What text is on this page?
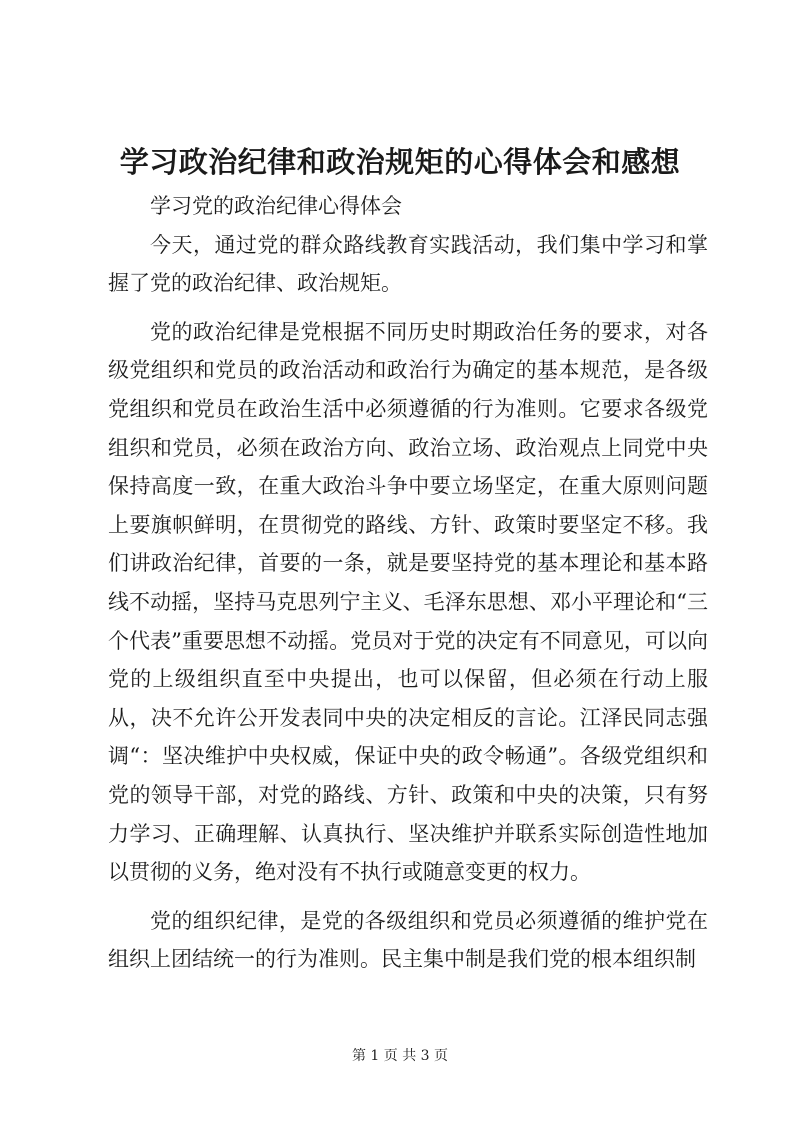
学习政治纪律和政治规矩的心得体会和感想

学习党的政治纪律心得体会

今天，通过党的群众路线教育实践活动，我们集中学习和掌握了党的政治纪律、政治规矩。

党的政治纪律是党根据不同历史时期政治任务的要求，对各级党组织和党员的政治活动和政治行为确定的基本规范，是各级党组织和党员在政治生活中必须遵循的行为准则。它要求各级党组织和党员，必须在政治方向、政治立场、政治观点上同党中央保持高度一致，在重大政治斗争中要立场坚定，在重大原则问题上要旗帜鲜明，在贯彻党的路线、方针、政策时要坚定不移。我们讲政治纪律，首要的一条，就是要坚持党的基本理论和基本路线不动摇，坚持马克思列宁主义、毛泽东思想、邓小平理论和“三个代表”重要思想不动摇。党员对于党的决定有不同意见，可以向党的上级组织直至中央提出，也可以保留，但必须在行动上服从，决不允许公开发表同中央的决定相反的言论。江泽民同志强调“：坚决维护中央权威，保证中央的政令畅通”。各级党组织和党的领导干部，对党的路线、方针、政策和中央的决策，只有努力学习、正确理解、认真执行、坚决维护并联系实际创造性地加以贯彻的义务，绝对没有不执行或随意变更的权力。

党的组织纪律，是党的各级组织和党员必须遵循的维护党在组织上团结统一的行为准则。民主集中制是我们党的根本组织制

第 1 页 共 3 页
